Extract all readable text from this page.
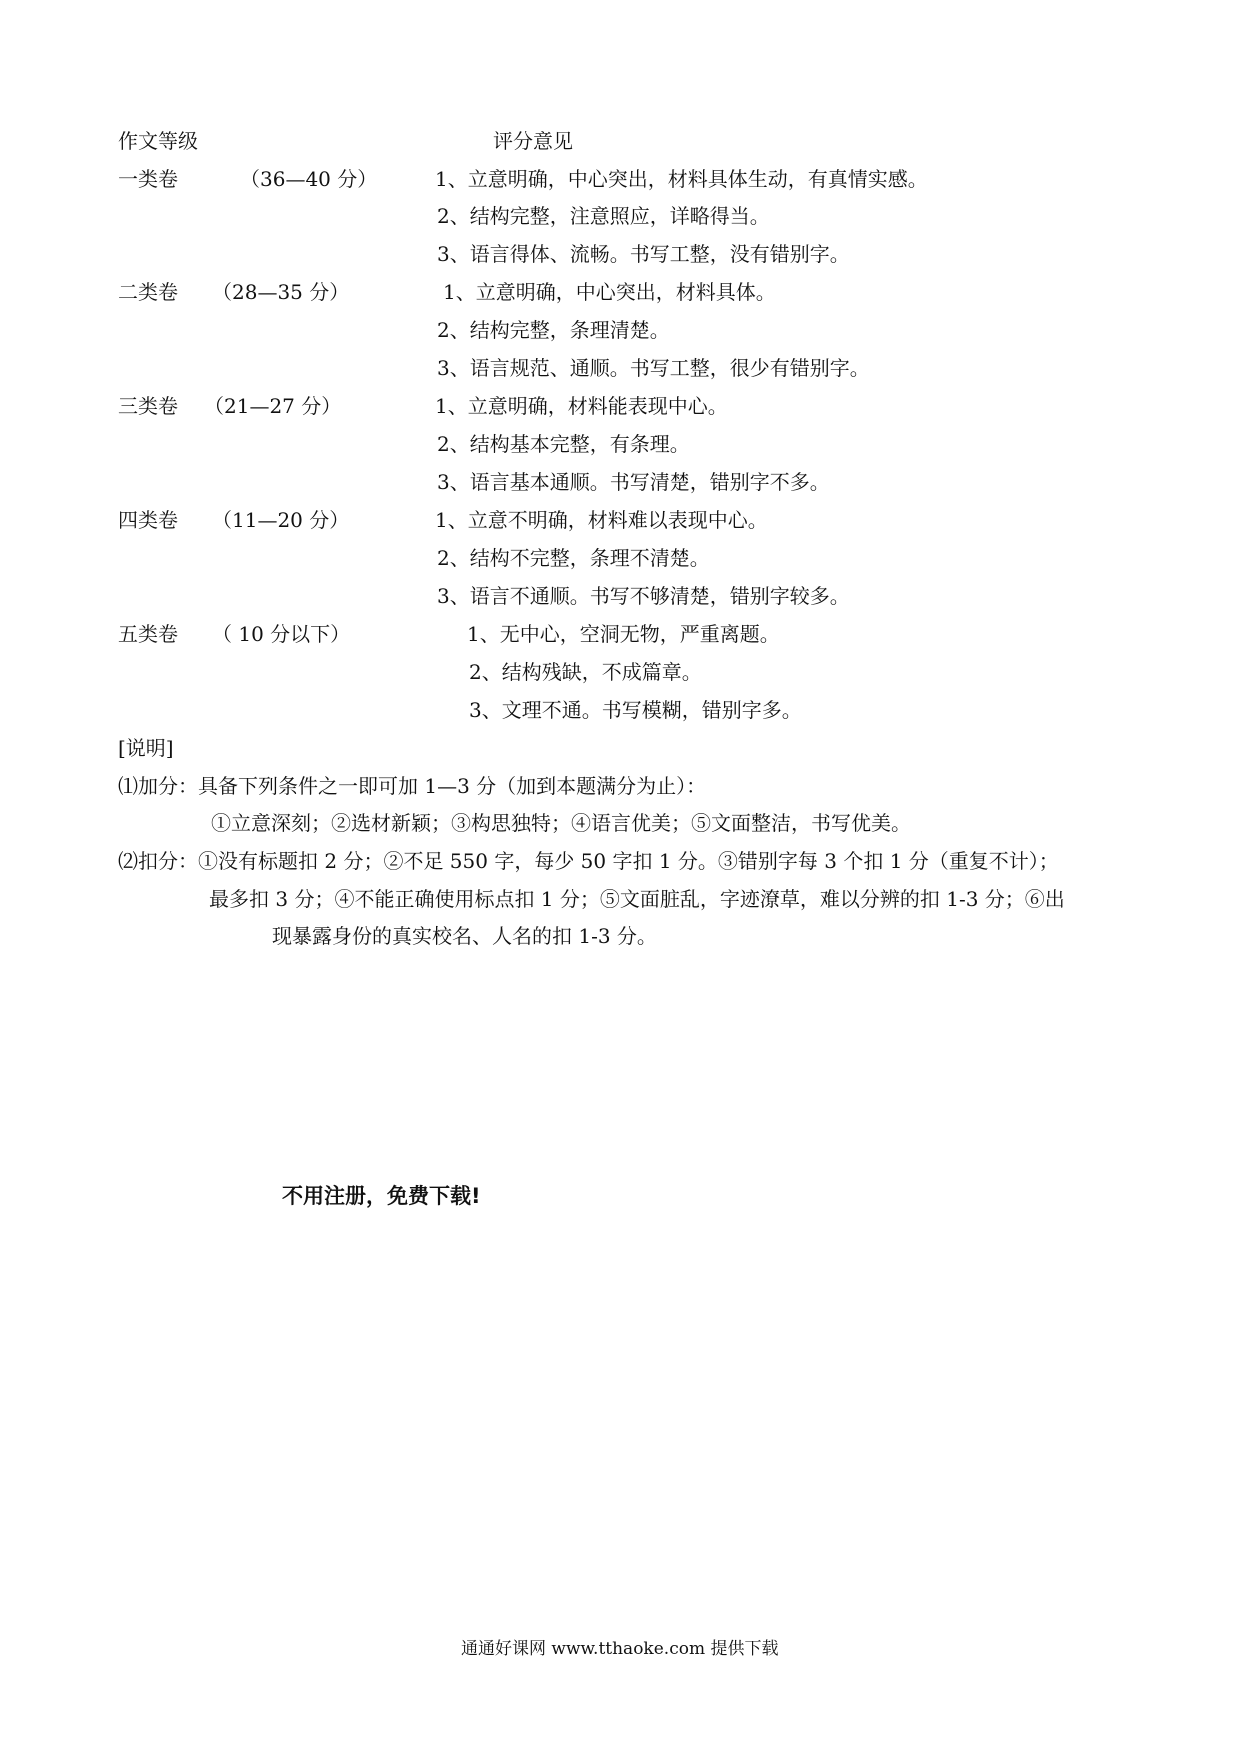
作文等级	评分意见
一类卷	（36—40 分）	1、立意明确，中心突出，材料具体生动，有真情实感。
2、结构完整，注意照应，详略得当。
3、语言得体、流畅。书写工整，没有错别字。
二类卷 （28—35 分）	1、立意明确，中心突出，材料具体。
2、结构完整，条理清楚。
3、语言规范、通顺。书写工整，很少有错别字。
三类卷 （21—27 分）	1、立意明确，材料能表现中心。
2、结构基本完整，有条理。
3、语言基本通顺。书写清楚，错别字不多。
四类卷 （11—20 分）	1、立意不明确，材料难以表现中心。
2、结构不完整，条理不清楚。
3、语言不通顺。书写不够清楚，错别字较多。
五类卷 （ 10 分以下）	1、无中心，空洞无物，严重离题。
2、结构残缺，不成篇章。
3、文理不通。书写模糊，错别字多。
[说明]
⑴加分：具备下列条件之一即可加 1—3 分（加到本题满分为止）：
①立意深刻；②选材新颖；③构思独特；④语言优美；⑤文面整洁，书写优美。
⑵扣分：①没有标题扣 2 分；②不足 550 字，每少 50 字扣 1 分。③错别字每 3 个扣 1 分（重复不计）；
最多扣 3 分；④不能正确使用标点扣 1 分；⑤文面脏乱，字迹潦草，难以分辨的扣 1-3 分；⑥出
现暴露身份的真实校名、人名的扣 1-3 分。
不用注册，免费下载!
通通好课网 www.tthaoke.com 提供下载
